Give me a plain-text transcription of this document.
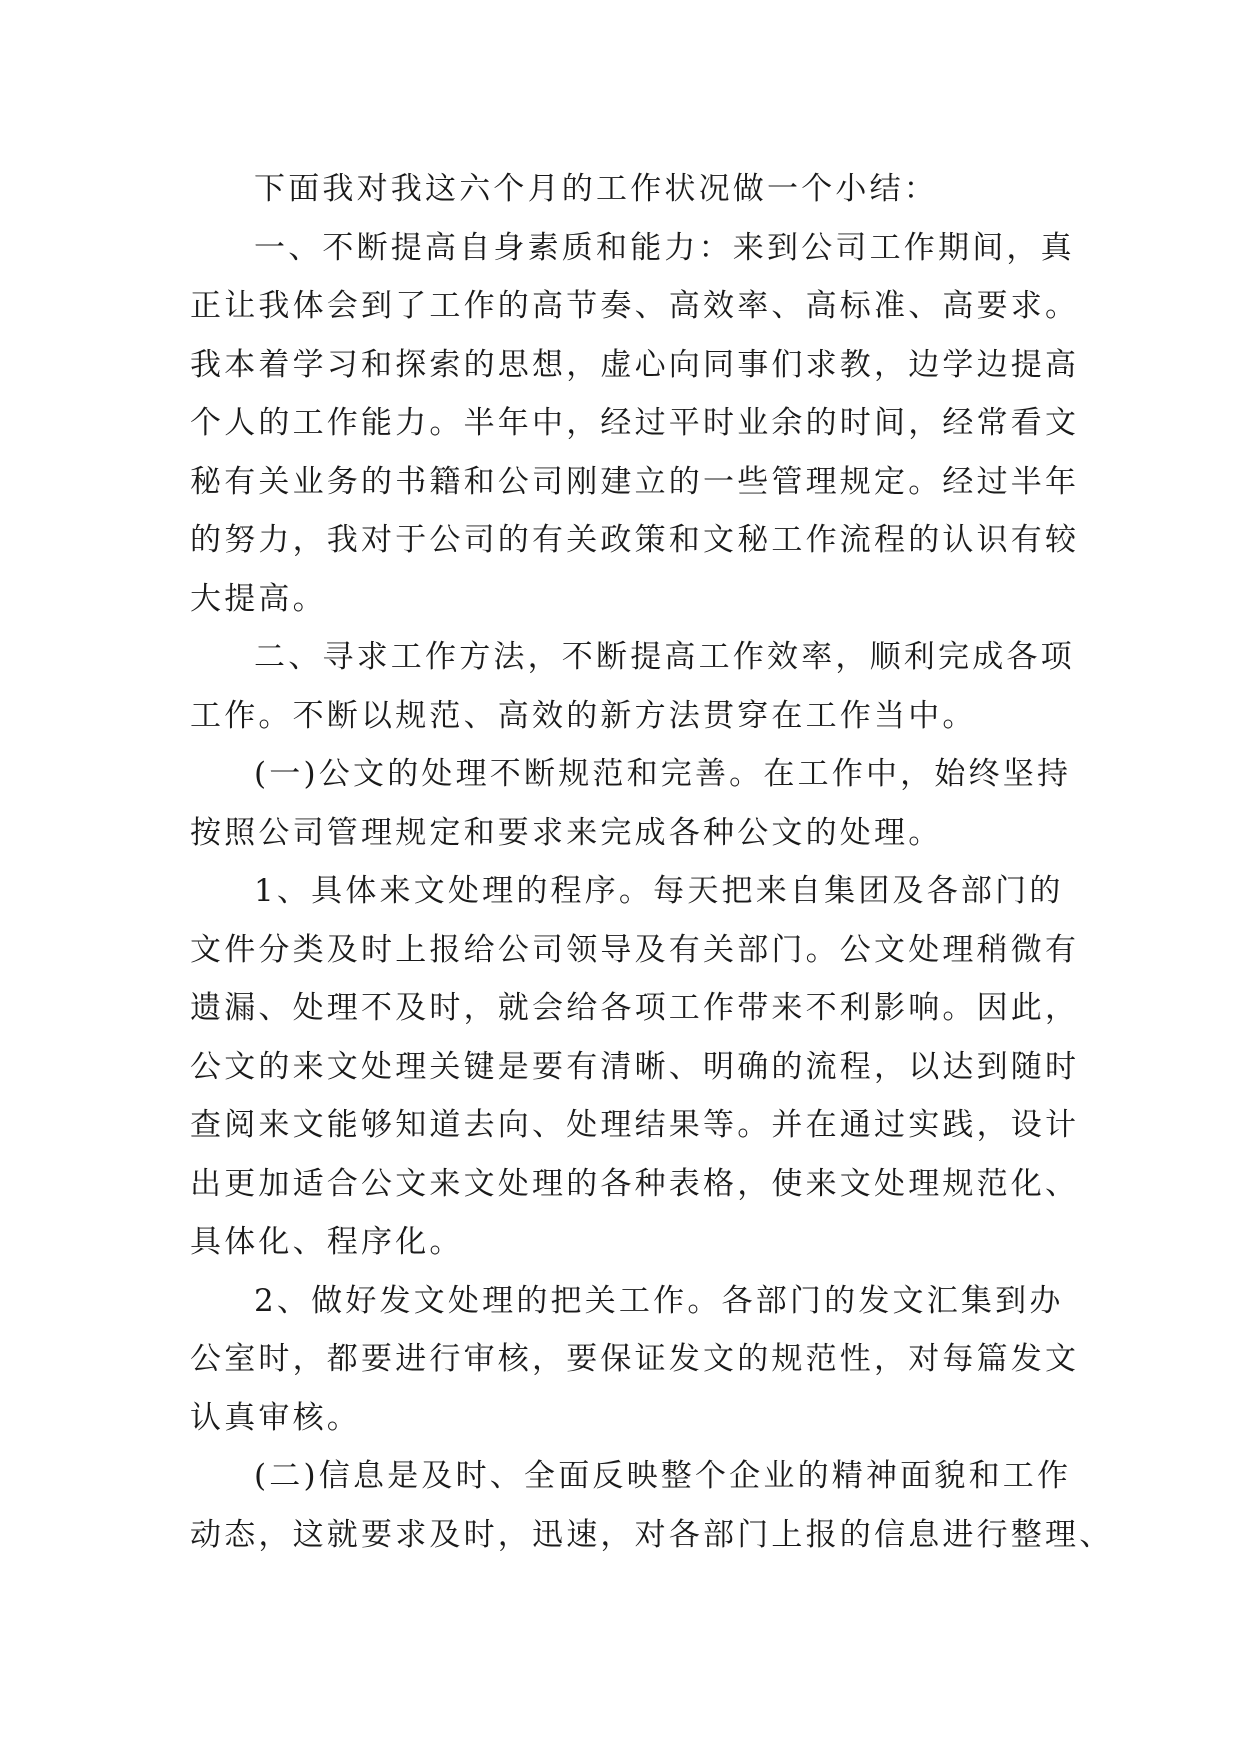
下面我对我这六个月的工作状况做一个小结：

一、不断提高自身素质和能力：来到公司工作期间，真
正让我体会到了工作的高节奏、高效率、高标准、高要求。
我本着学习和探索的思想，虚心向同事们求教，边学边提高
个人的工作能力。半年中，经过平时业余的时间，经常看文
秘有关业务的书籍和公司刚建立的一些管理规定。经过半年
的努力，我对于公司的有关政策和文秘工作流程的认识有较
大提高。

二、寻求工作方法，不断提高工作效率，顺利完成各项
工作。不断以规范、高效的新方法贯穿在工作当中。

(一)公文的处理不断规范和完善。在工作中，始终坚持
按照公司管理规定和要求来完成各种公文的处理。

1、具体来文处理的程序。每天把来自集团及各部门的
文件分类及时上报给公司领导及有关部门。公文处理稍微有
遗漏、处理不及时，就会给各项工作带来不利影响。因此，
公文的来文处理关键是要有清晰、明确的流程，以达到随时
查阅来文能够知道去向、处理结果等。并在通过实践，设计
出更加适合公文来文处理的各种表格，使来文处理规范化、
具体化、程序化。

2、做好发文处理的把关工作。各部门的发文汇集到办
公室时，都要进行审核，要保证发文的规范性，对每篇发文
认真审核。

(二)信息是及时、全面反映整个企业的精神面貌和工作
动态，这就要求及时，迅速，对各部门上报的信息进行整理、
